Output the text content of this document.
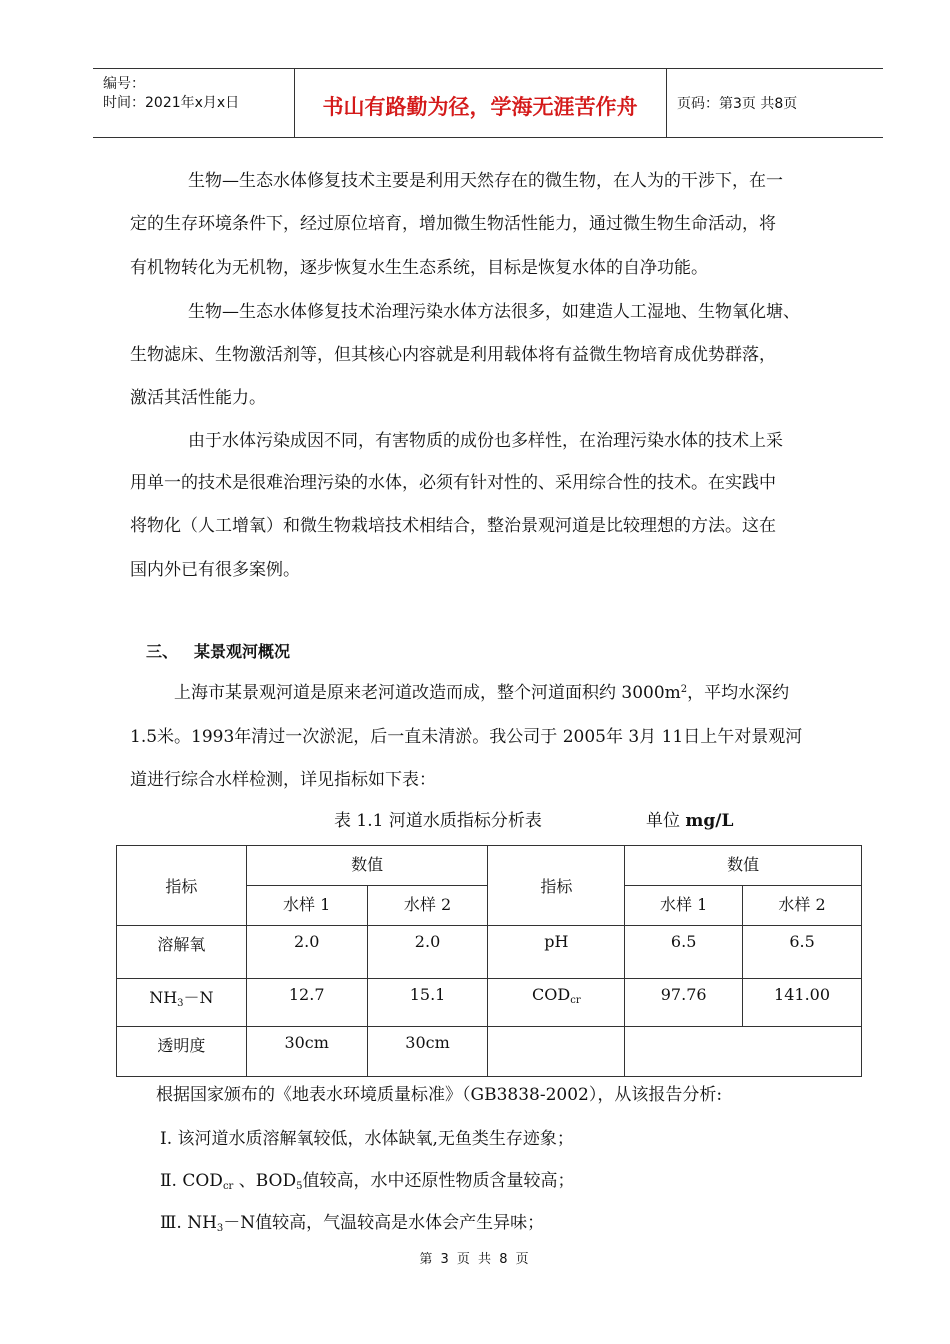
编号：
时间：2021年x月x日	书山有路勤为径，学海无涯苦作舟	页码：第3页 共8页
生物—生态水体修复技术主要是利用天然存在的微生物，在人为的干涉下，在一
定的生存环境条件下，经过原位培育，增加微生物活性能力，通过微生物生命活动，将
有机物转化为无机物，逐步恢复水生生态系统，目标是恢复水体的自净功能。
生物—生态水体修复技术治理污染水体方法很多，如建造人工湿地、生物氧化塘、
生物滤床、生物激活剂等，但其核心内容就是利用载体将有益微生物培育成优势群落，
激活其活性能力。
由于水体污染成因不同，有害物质的成份也多样性，在治理污染水体的技术上采
用单一的技术是很难治理污染的水体，必须有针对性的、采用综合性的技术。在实践中
将物化（人工增氧）和微生物栽培技术相结合，整治景观河道是比较理想的方法。这在
国内外已有很多案例。
三、 某景观河概况
上海市某景观河道是原来老河道改造而成，整个河道面积约 $3000m^2$，平均水深约
1.5米。1993年清过一次淤泥，后一直未清淤。我公司于 2005年 3月 11日上午对景观河
道进行综合水样检测，详见指标如下表：
表 1.1 河道水质指标分析表	单位 mg/L
指标	数值		指标	数值	
	水样 1	水样 2		水样 1	水样 2
溶解氧	2.0	2.0	pH	6.5	6.5
$NH_3-N$	12.7	15.1	$COD_{cr}$	97.76	141.00
透明度	30cm	30cm			
根据国家颁布的《地表水环境质量标准》（GB3838-2002），从该报告分析:
Ⅰ. 该河道水质溶解氧较低，水体缺氧,无鱼类生存迹象；
Ⅱ. $COD_{cr}$ 、$BOD_5$值较高，水中还原性物质含量较高；
Ⅲ. $NH_3-N$值较高，气温较高是水体会产生异味；
第 3 页 共 8 页
